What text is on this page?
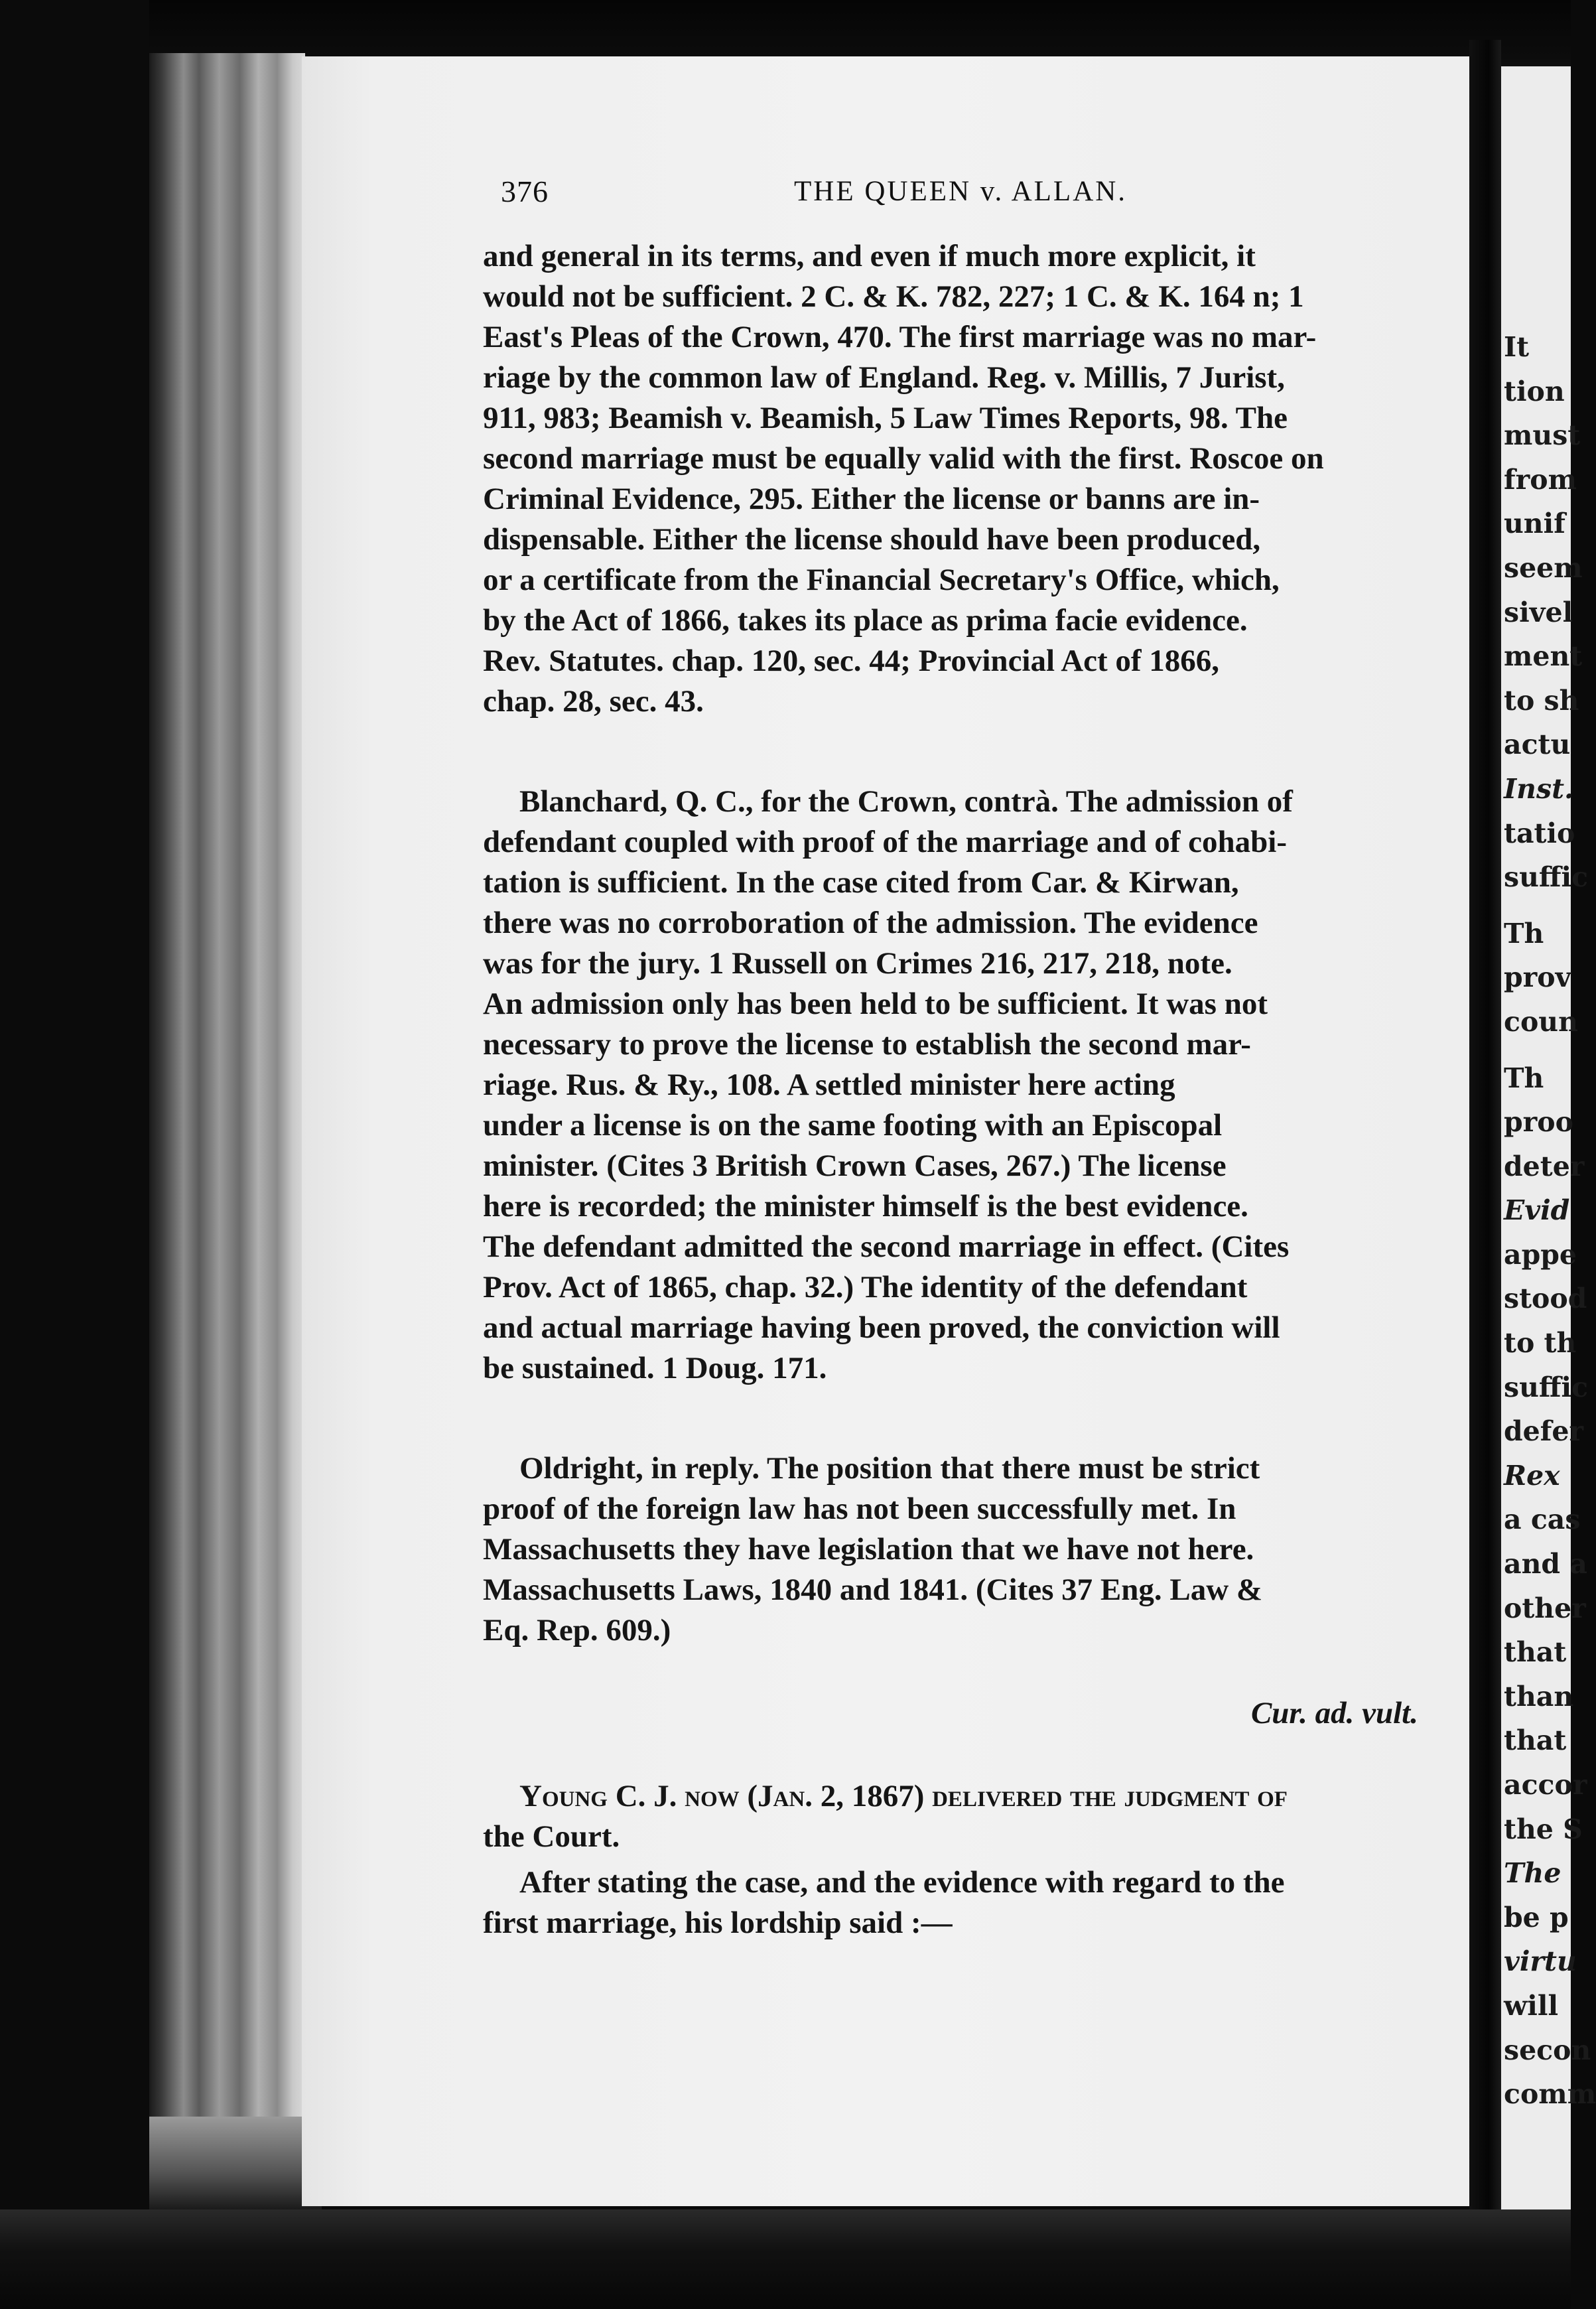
376	THE QUEEN v. ALLAN.
and general in its terms, and even if much more explicit, it
would not be sufficient. 2 C. & K. 782, 227; 1 C. & K. 164 n; 1
East's Pleas of the Crown, 470. The first marriage was no mar-
riage by the common law of England. Reg. v. Millis, 7 Jurist,
911, 983; Beamish v. Beamish, 5 Law Times Reports, 98. The
second marriage must be equally valid with the first. Roscoe on
Criminal Evidence, 295. Either the license or banns are in-
dispensable. Either the license should have been produced,
or a certificate from the Financial Secretary's Office, which,
by the Act of 1866, takes its place as prima facie evidence.
Rev. Statutes. chap. 120, sec. 44; Provincial Act of 1866,
chap. 28, sec. 43.
Blanchard, Q. C., for the Crown, contrà. The admission of
defendant coupled with proof of the marriage and of cohabi-
tation is sufficient. In the case cited from Car. & Kirwan,
there was no corroboration of the admission. The evidence
was for the jury. 1 Russell on Crimes 216, 217, 218, note.
An admission only has been held to be sufficient. It was not
necessary to prove the license to establish the second mar-
riage. Rus. & Ry., 108. A settled minister here acting
under a license is on the same footing with an Episcopal
minister. (Cites 3 British Crown Cases, 267.) The license
here is recorded; the minister himself is the best evidence.
The defendant admitted the second marriage in effect. (Cites
Prov. Act of 1865, chap. 32.) The identity of the defendant
and actual marriage having been proved, the conviction will
be sustained. 1 Doug. 171.
Oldright, in reply. The position that there must be strict
proof of the foreign law has not been successfully met. In
Massachusetts they have legislation that we have not here.
Massachusetts Laws, 1840 and 1841. (Cites 37 Eng. Law &
Eq. Rep. 609.)
Cur. ad. vult.
Young C. J. now (Jan. 2, 1867) delivered the judgment of
the Court.
After stating the case, and the evidence with regard to the
first marriage, his lordship said :—
It
tion
must
from
unif
seem
sivel
ment
to sh
actu
Inst.
tatio
suffic
Th
prov
coun
Th
proo
deter
Evid
appe
stood
to th
suffic
defer
Rex
a cas
and a
other
that
than
that
accor
the S
The
be p
virtu
will
secon
comm
